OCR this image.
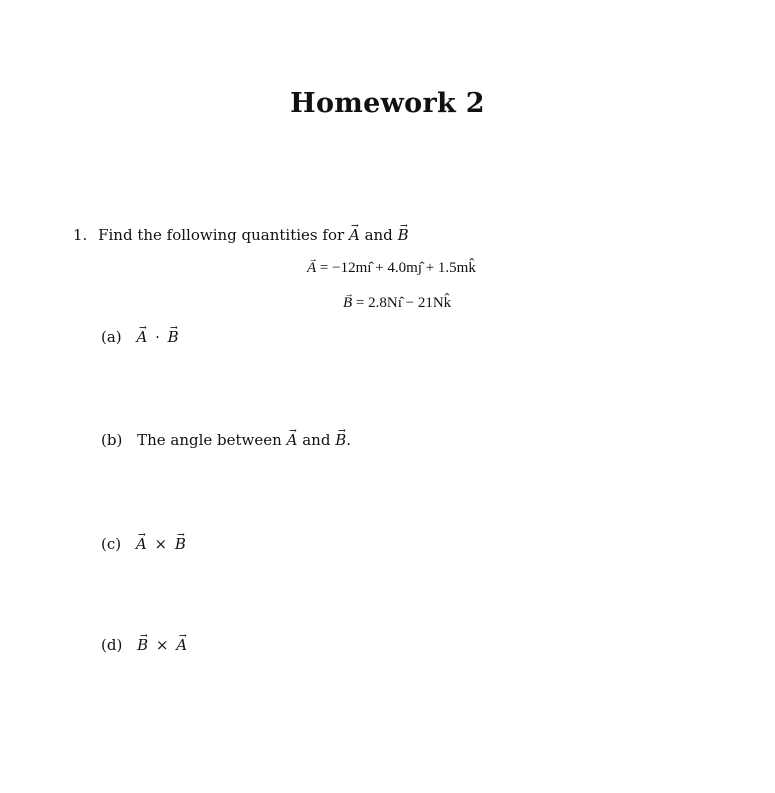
Homework 2
1. Find the following quantities for → A and → B
→ A = −12mı̂ + 4.0mȷ̂ + 1.5mk̂
→ B = 2.8Nı̂ − 21Nk̂
(a) → A · → B
(b) The angle between → A and → B.
(c) → A × → B
(d) → B × → A
